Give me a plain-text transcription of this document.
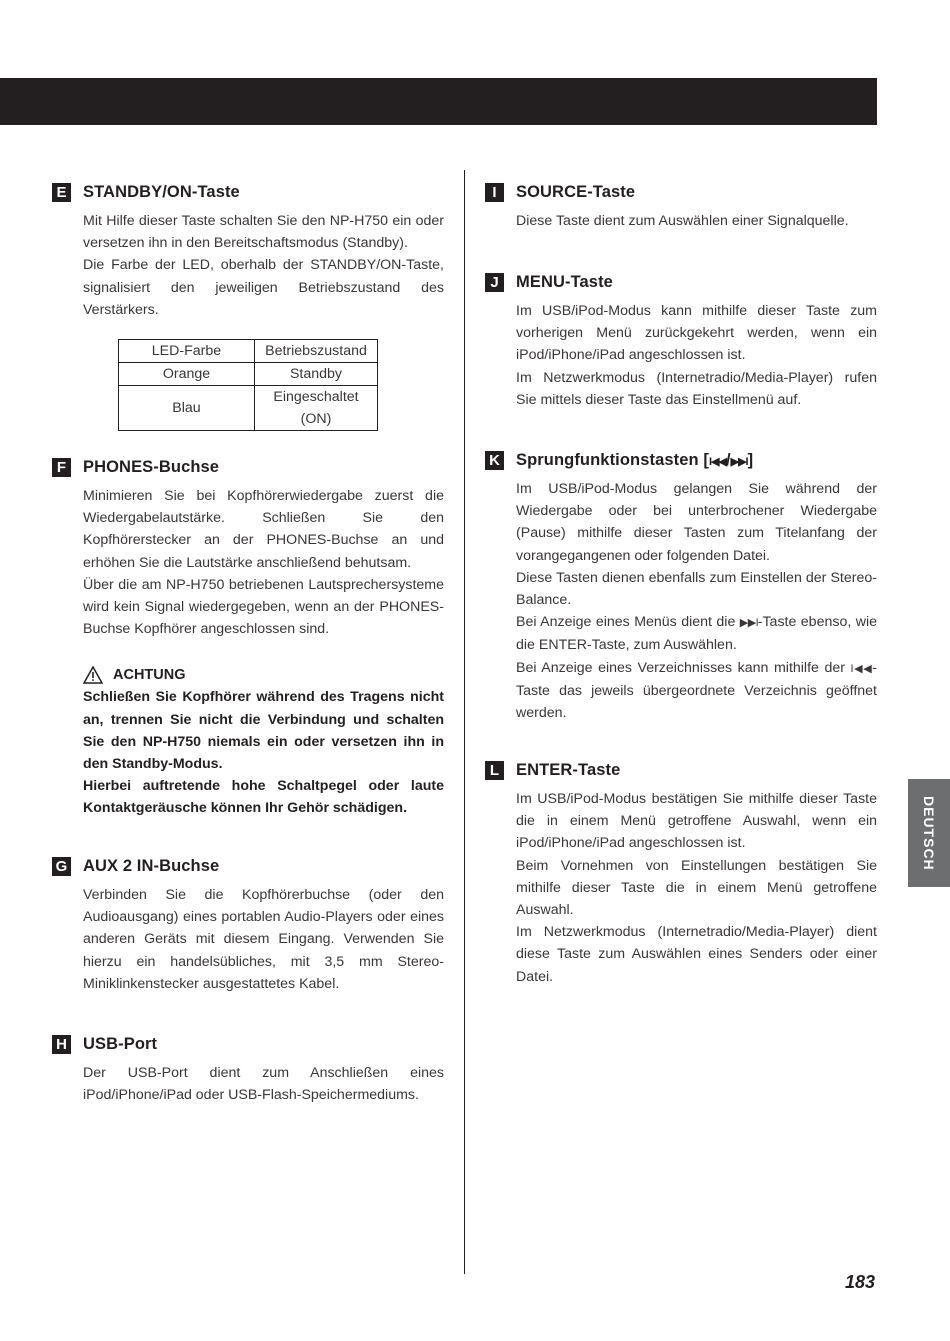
E STANDBY/ON-Taste

Mit Hilfe dieser Taste schalten Sie den NP-H750 ein oder versetzen ihn in den Bereitschaftsmodus (Standby).

Die Farbe der LED, oberhalb der STANDBY/ON-Taste, signalisiert den jeweiligen Betriebszustand des Verstärkers.

LED-Farbe	Betriebszustand
Orange	Standby
Blau	Eingeschaltet (ON)
F PHONES-Buchse

Minimieren Sie bei Kopfhörerwiedergabe zuerst die Wiedergabelautstärke. Schließen Sie den Kopfhörerstecker an der PHONES-Buchse an und erhöhen Sie die Lautstärke anschließend behutsam.

Über die am NP-H750 betriebenen Lautsprechersysteme wird kein Signal wiedergegeben, wenn an der PHONES-Buchse Kopfhörer angeschlossen sind.

ACHTUNG

Schließen Sie Kopfhörer während des Tragens nicht an, trennen Sie nicht die Verbindung und schalten Sie den NP-H750 niemals ein oder versetzen ihn in den Standby-Modus.

Hierbei auftretende hohe Schaltpegel oder laute Kontaktgeräusche können Ihr Gehör schädigen.

G AUX 2 IN-Buchse

Verbinden Sie die Kopfhörerbuchse (oder den Audioausgang) eines portablen Audio-Players oder eines anderen Geräts mit diesem Eingang. Verwenden Sie hierzu ein handelsübliches, mit 3,5 mm Stereo-Miniklinkenstecker ausgestattetes Kabel.

H USB-Port

Der USB-Port dient zum Anschließen eines iPod/iPhone/iPad oder USB-Flash-Speichermediums.

I	SOURCE-Taste

Diese Taste dient zum Auswählen einer Signalquelle.

J	MENU-Taste

Im USB/iPod-Modus kann mithilfe dieser Taste zum vorherigen Menü zurückgekehrt werden, wenn ein iPod/iPhone/iPad angeschlossen ist.

Im Netzwerkmodus (Internetradio/Media-Player) rufen Sie mittels dieser Taste das Einstellmenü auf.

K Sprungfunktionstasten [I◀◀/▶▶I]

Im USB/iPod-Modus gelangen Sie während der Wiedergabe oder bei unterbrochener Wiedergabe (Pause) mithilfe dieser Tasten zum Titelanfang der vorangegangenen oder folgenden Datei.

Diese Tasten dienen ebenfalls zum Einstellen der Stereo-Balance.

Bei Anzeige eines Menüs dient die ▶▶I-Taste ebenso, wie die ENTER-Taste, zum Auswählen.

Bei Anzeige eines Verzeichnisses kann mithilfe der I◀◀-Taste das jeweils übergeordnete Verzeichnis geöffnet werden.

L ENTER-Taste

Im USB/iPod-Modus bestätigen Sie mithilfe dieser Taste die in einem Menü getroffene Auswahl, wenn ein iPod/iPhone/iPad angeschlossen ist.

Beim Vornehmen von Einstellungen bestätigen Sie mithilfe dieser Taste die in einem Menü getroffene Auswahl.

Im Netzwerkmodus (Internetradio/Media-Player) dient diese Taste zum Auswählen eines Senders oder einer Datei.

DEUTSCH
183
